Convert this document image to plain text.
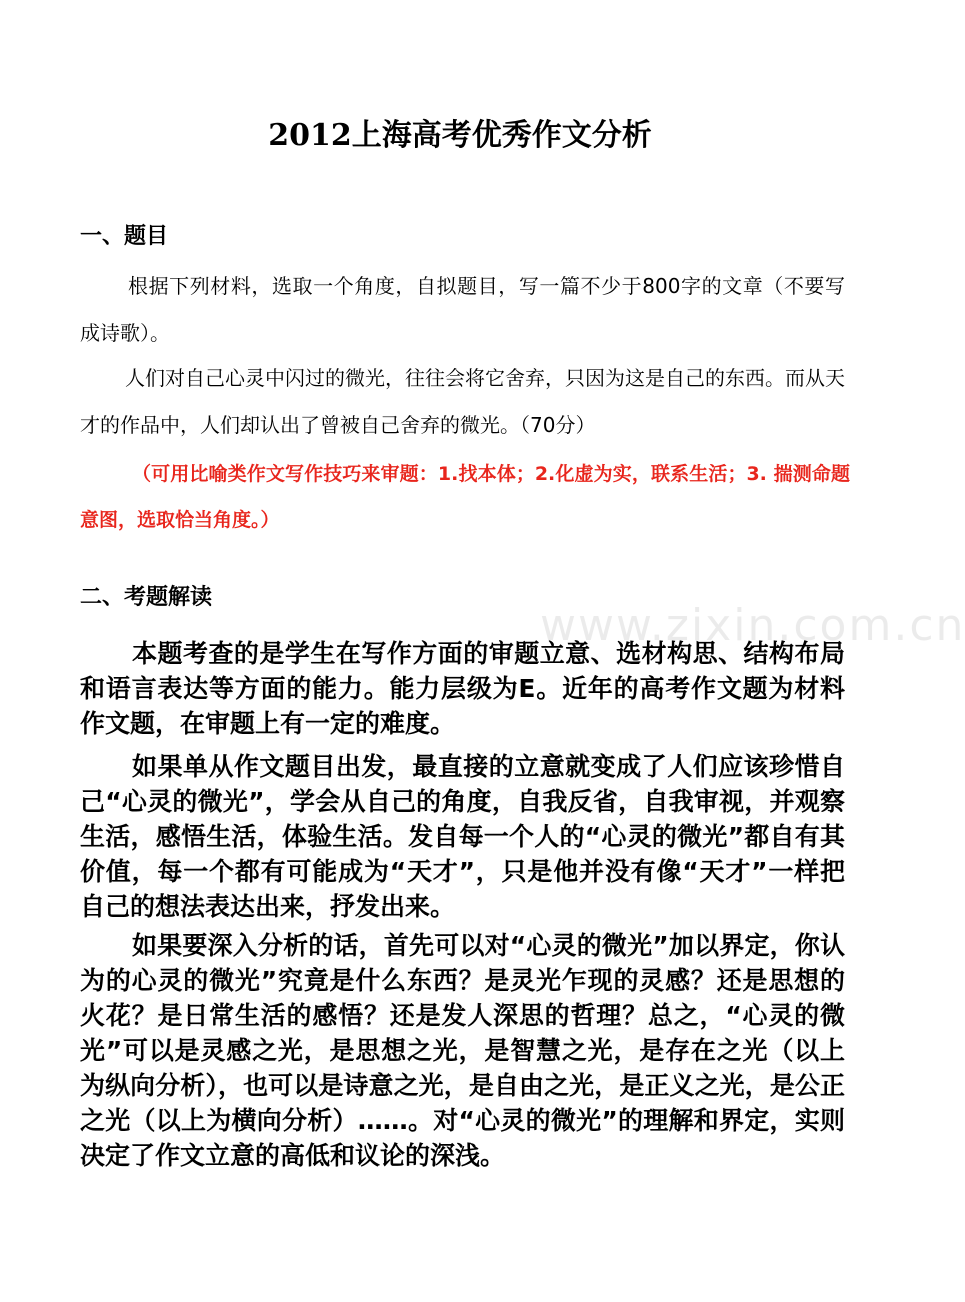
2012上海高考优秀作文分析
一、题目

根据下列材料，选取一个角度，自拟题目，写一篇不少于800字的文章（不要写成诗歌）。

人们对自己心灵中闪过的微光，往往会将它舍弃，只因为这是自己的东西。而从天才的作品中，人们却认出了曾被自己舍弃的微光。（70分）

（可用比喻类作文写作技巧来审题：1.找本体；2.化虚为实，联系生活；3. 揣测命题意图，选取恰当角度。）

二、考题解读

本题考查的是学生在写作方面的审题立意、选材构思、结构布局和语言表达等方面的能力。能力层级为E。近年的高考作文题为材料作文题，在审题上有一定的难度。

如果单从作文题目出发，最直接的立意就变成了人们应该珍惜自己“心灵的微光”，学会从自己的角度，自我反省，自我审视，并观察生活，感悟生活，体验生活。发自每一个人的“心灵的微光”都自有其价值，每一个都有可能成为“天才”，只是他并没有像“天才”一样把自己的想法表达出来，抒发出来。

如果要深入分析的话，首先可以对“心灵的微光”加以界定，你认为的心灵的微光”究竟是什么东西？是灵光乍现的灵感？还是思想的火花？是日常生活的感悟？还是发人深思的哲理？总之，“心灵的微光”可以是灵感之光，是思想之光，是智慧之光，是存在之光（以上为纵向分析），也可以是诗意之光，是自由之光，是正义之光，是公正之光（以上为横向分析）……。对“心灵的微光”的理解和界定，实则决定了作文立意的高低和议论的深浅。

www.zixin.com.cn
